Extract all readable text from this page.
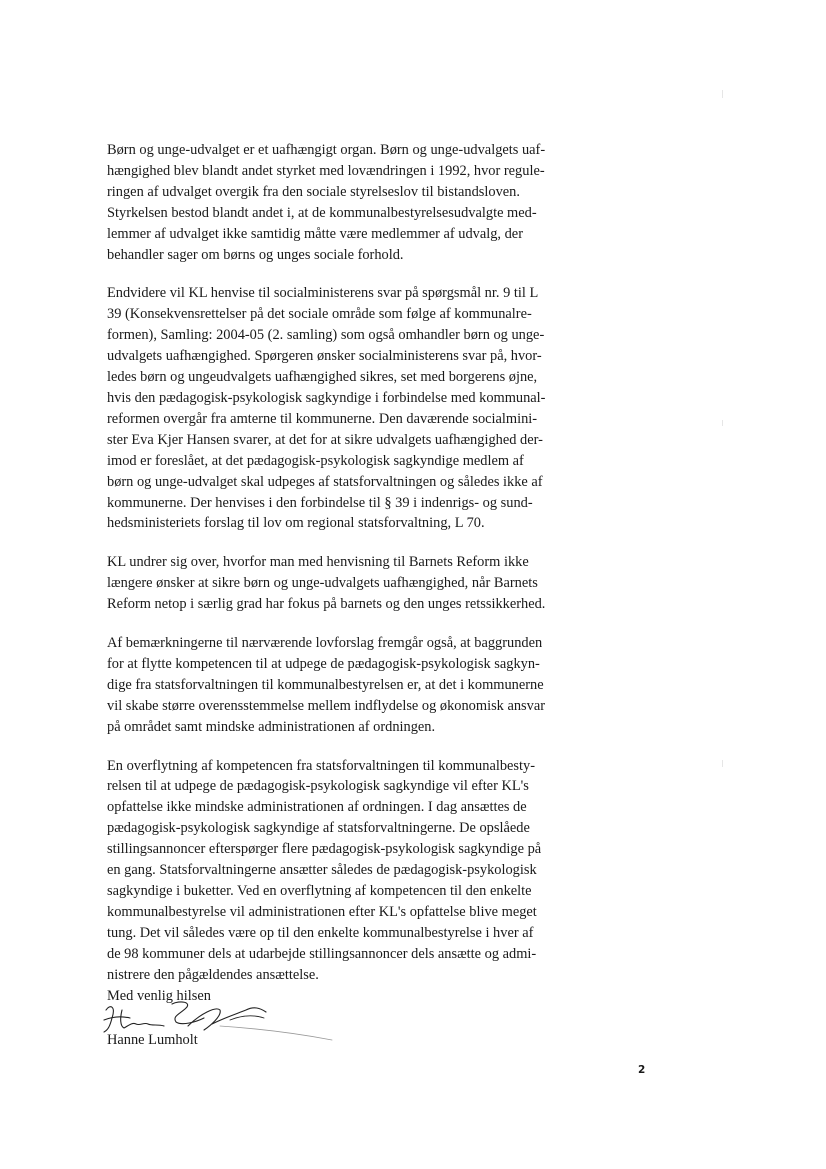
Børn og unge-udvalget er et uafhængigt organ. Børn og unge-udvalgets uaf-
hængighed blev blandt andet styrket med lovændringen i 1992, hvor regule-
ringen af udvalget overgik fra den sociale styrelseslov til bistandsloven.
Styrkelsen bestod blandt andet i, at de kommunalbestyrelsesudvalgte med-
lemmer af udvalget ikke samtidig måtte være medlemmer af udvalg, der
behandler sager om børns og unges sociale forhold.

Endvidere vil KL henvise til socialministerens svar på spørgsmål nr. 9 til L
39 (Konsekvensrettelser på det sociale område som følge af kommunalre-
formen), Samling: 2004-05 (2. samling) som også omhandler børn og unge-
udvalgets uafhængighed. Spørgeren ønsker socialministerens svar på, hvor-
ledes børn og ungeudvalgets uafhængighed sikres, set med borgerens øjne,
hvis den pædagogisk-psykologisk sagkyndige i forbindelse med kommunal-
reformen overgår fra amterne til kommunerne. Den daværende socialmini-
ster Eva Kjer Hansen svarer, at det for at sikre udvalgets uafhængighed der-
imod er foreslået, at det pædagogisk-psykologisk sagkyndige medlem af
børn og unge-udvalget skal udpeges af statsforvaltningen og således ikke af
kommunerne. Der henvises i den forbindelse til § 39 i indenrigs- og sund-
hedsministeriets forslag til lov om regional statsforvaltning, L 70.

KL undrer sig over, hvorfor man med henvisning til Barnets Reform ikke
længere ønsker at sikre børn og unge-udvalgets uafhængighed, når Barnets
Reform netop i særlig grad har fokus på barnets og den unges retssikkerhed.

Af bemærkningerne til nærværende lovforslag fremgår også, at baggrunden
for at flytte kompetencen til at udpege de pædagogisk-psykologisk sagkyn-
dige fra statsforvaltningen til kommunalbestyrelsen er, at det i kommunerne
vil skabe større overensstemmelse mellem indflydelse og økonomisk ansvar
på området samt mindske administrationen af ordningen.

En overflytning af kompetencen fra statsforvaltningen til kommunalbesty-
relsen til at udpege de pædagogisk-psykologisk sagkyndige vil efter KL's
opfattelse ikke mindske administrationen af ordningen. I dag ansættes de
pædagogisk-psykologisk sagkyndige af statsforvaltningerne. De opslåede
stillingsannoncer efterspørger flere pædagogisk-psykologisk sagkyndige på
en gang. Statsforvaltningerne ansætter således de pædagogisk-psykologisk
sagkyndige i buketter. Ved en overflytning af kompetencen til den enkelte
kommunalbestyrelse vil administrationen efter KL's opfattelse blive meget
tung. Det vil således være op til den enkelte kommunalbestyrelse i hver af
de 98 kommuner dels at udarbejde stillingsannoncer dels ansætte og admi-
nistrere den pågældendes ansættelse.

Med venlig hilsen
Hanne Lumholt
2
